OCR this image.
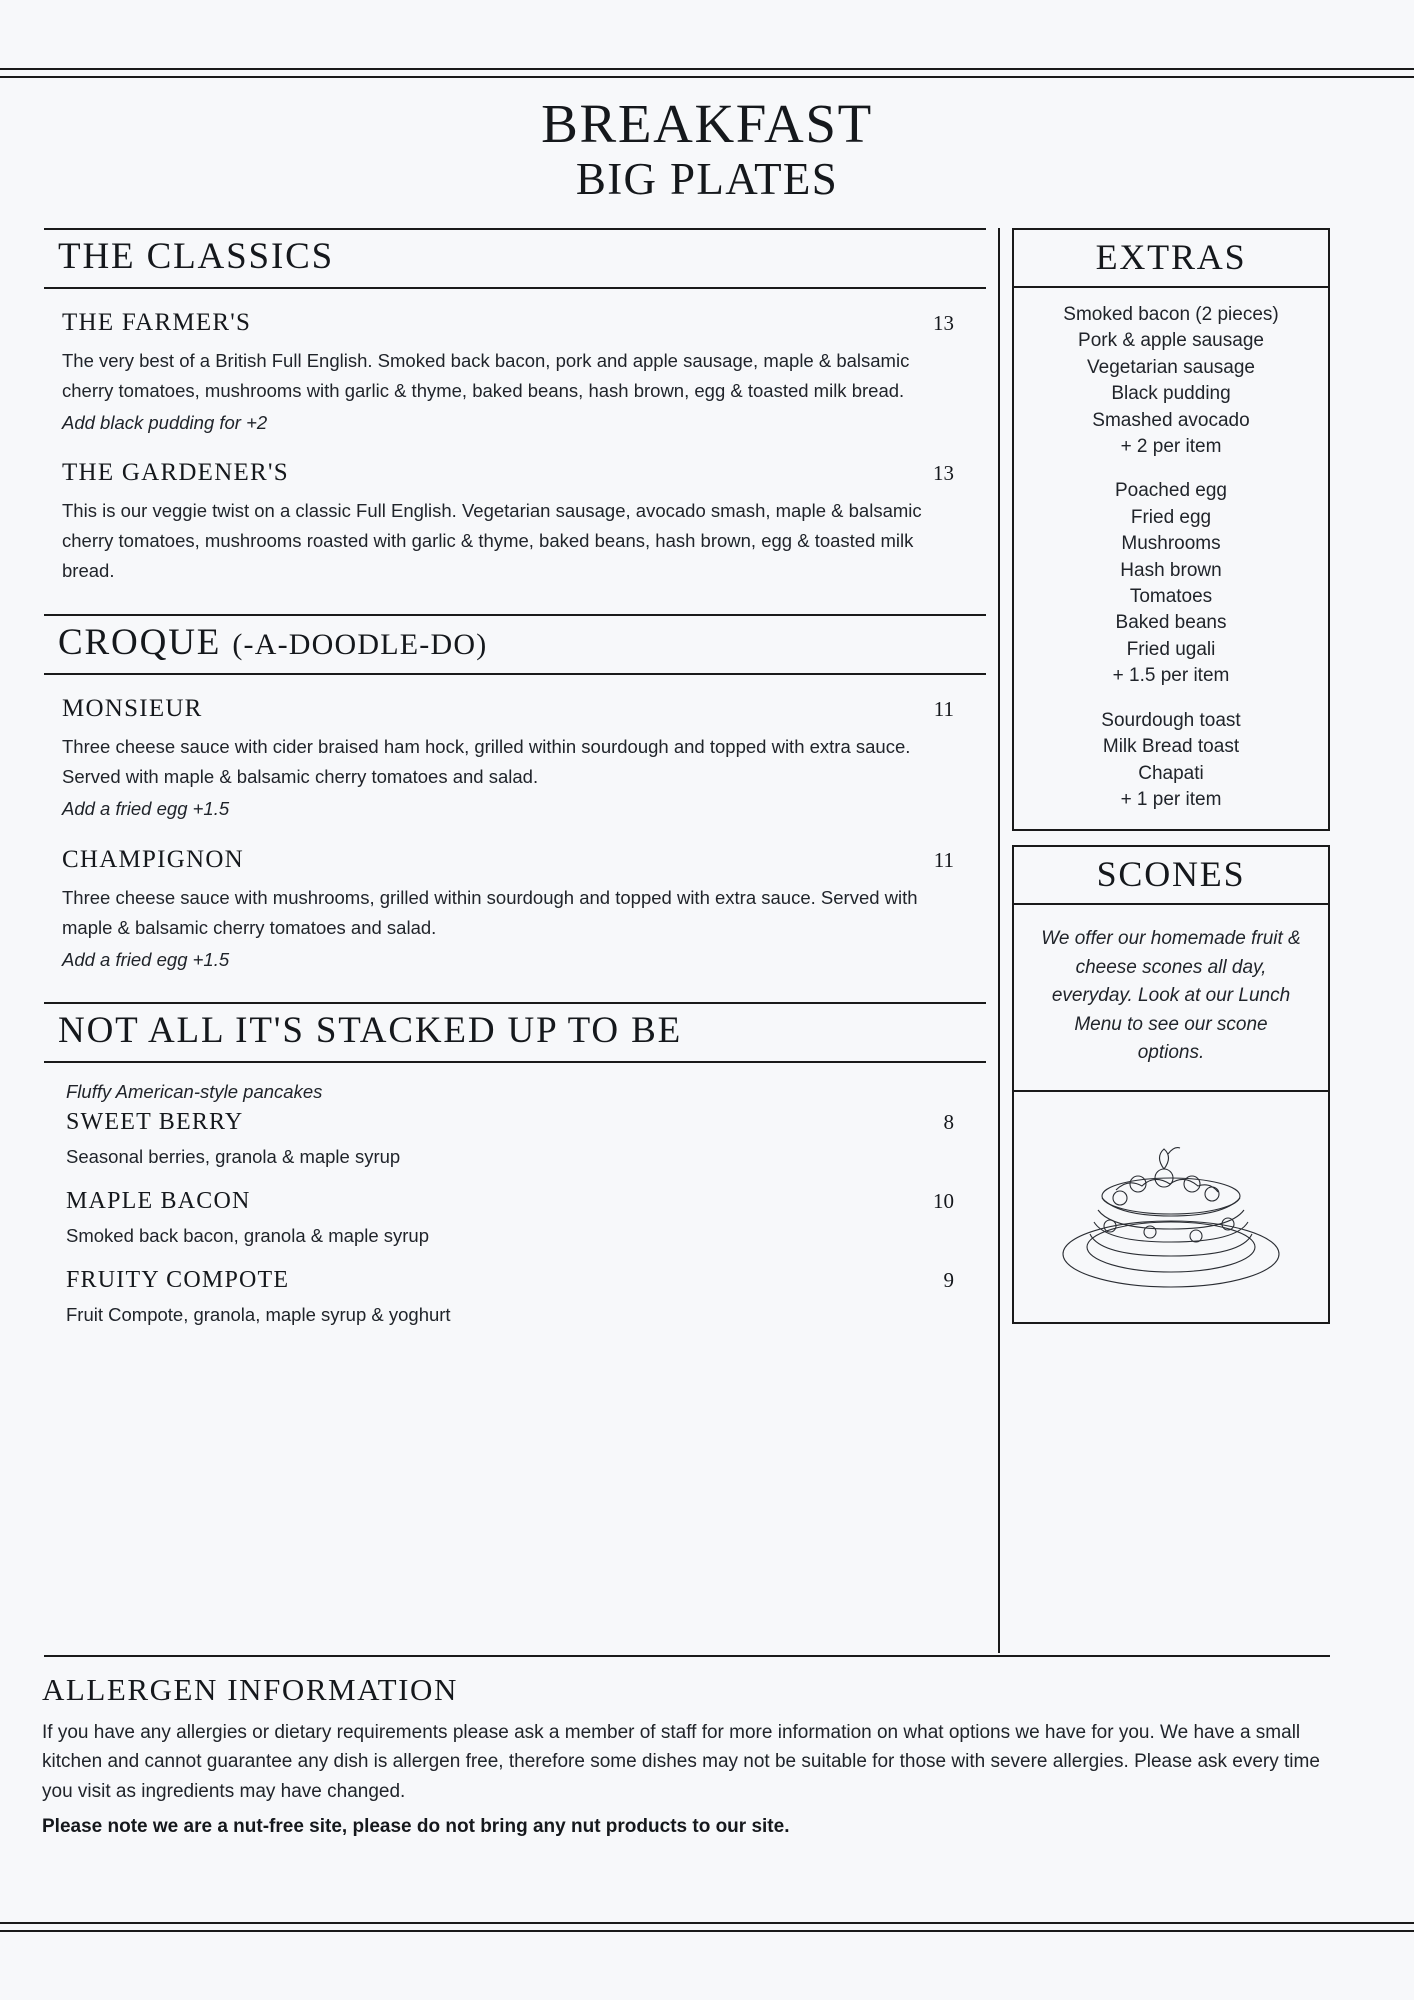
BREAKFAST
BIG PLATES
THE CLASSICS
THE FARMER'S	13
The very best of a British Full English. Smoked back bacon, pork and apple sausage, maple & balsamic cherry tomatoes, mushrooms with garlic & thyme, baked beans, hash brown, egg & toasted milk bread.
Add black pudding for +2
THE GARDENER'S	13
This is our veggie twist on a classic Full English. Vegetarian sausage, avocado smash, maple & balsamic cherry tomatoes, mushrooms roasted with garlic & thyme, baked beans, hash brown, egg & toasted milk bread.
CROQUE (-A-DOODLE-DO)
MONSIEUR	11
Three cheese sauce with cider braised ham hock, grilled within sourdough and topped with extra sauce. Served with maple & balsamic cherry tomatoes and salad.
Add a fried egg +1.5
CHAMPIGNON	11
Three cheese sauce with mushrooms, grilled within sourdough and topped with extra sauce. Served with maple & balsamic cherry tomatoes and salad.
Add a fried egg +1.5
NOT ALL IT'S STACKED UP TO BE
Fluffy American-style pancakes
SWEET BERRY	8
Seasonal berries, granola & maple syrup
MAPLE BACON	10
Smoked back bacon, granola & maple syrup
FRUITY COMPOTE	9
Fruit Compote, granola, maple syrup & yoghurt
EXTRAS
Smoked bacon (2 pieces)
Pork & apple sausage
Vegetarian sausage
Black pudding
Smashed avocado
+ 2 per item
Poached egg
Fried egg
Mushrooms
Hash brown
Tomatoes
Baked beans
Fried ugali
+ 1.5 per item
Sourdough toast
Milk Bread toast
Chapati
+ 1 per item
SCONES
We offer our homemade fruit & cheese scones all day, everyday. Look at our Lunch Menu to see our scone options.
ALLERGEN INFORMATION
If you have any allergies or dietary requirements please ask a member of staff for more information on what options we have for you. We have a small kitchen and cannot guarantee any dish is allergen free, therefore some dishes may not be suitable for those with severe allergies. Please ask every time you visit as ingredients may have changed.
Please note we are a nut-free site, please do not bring any nut products to our site.
